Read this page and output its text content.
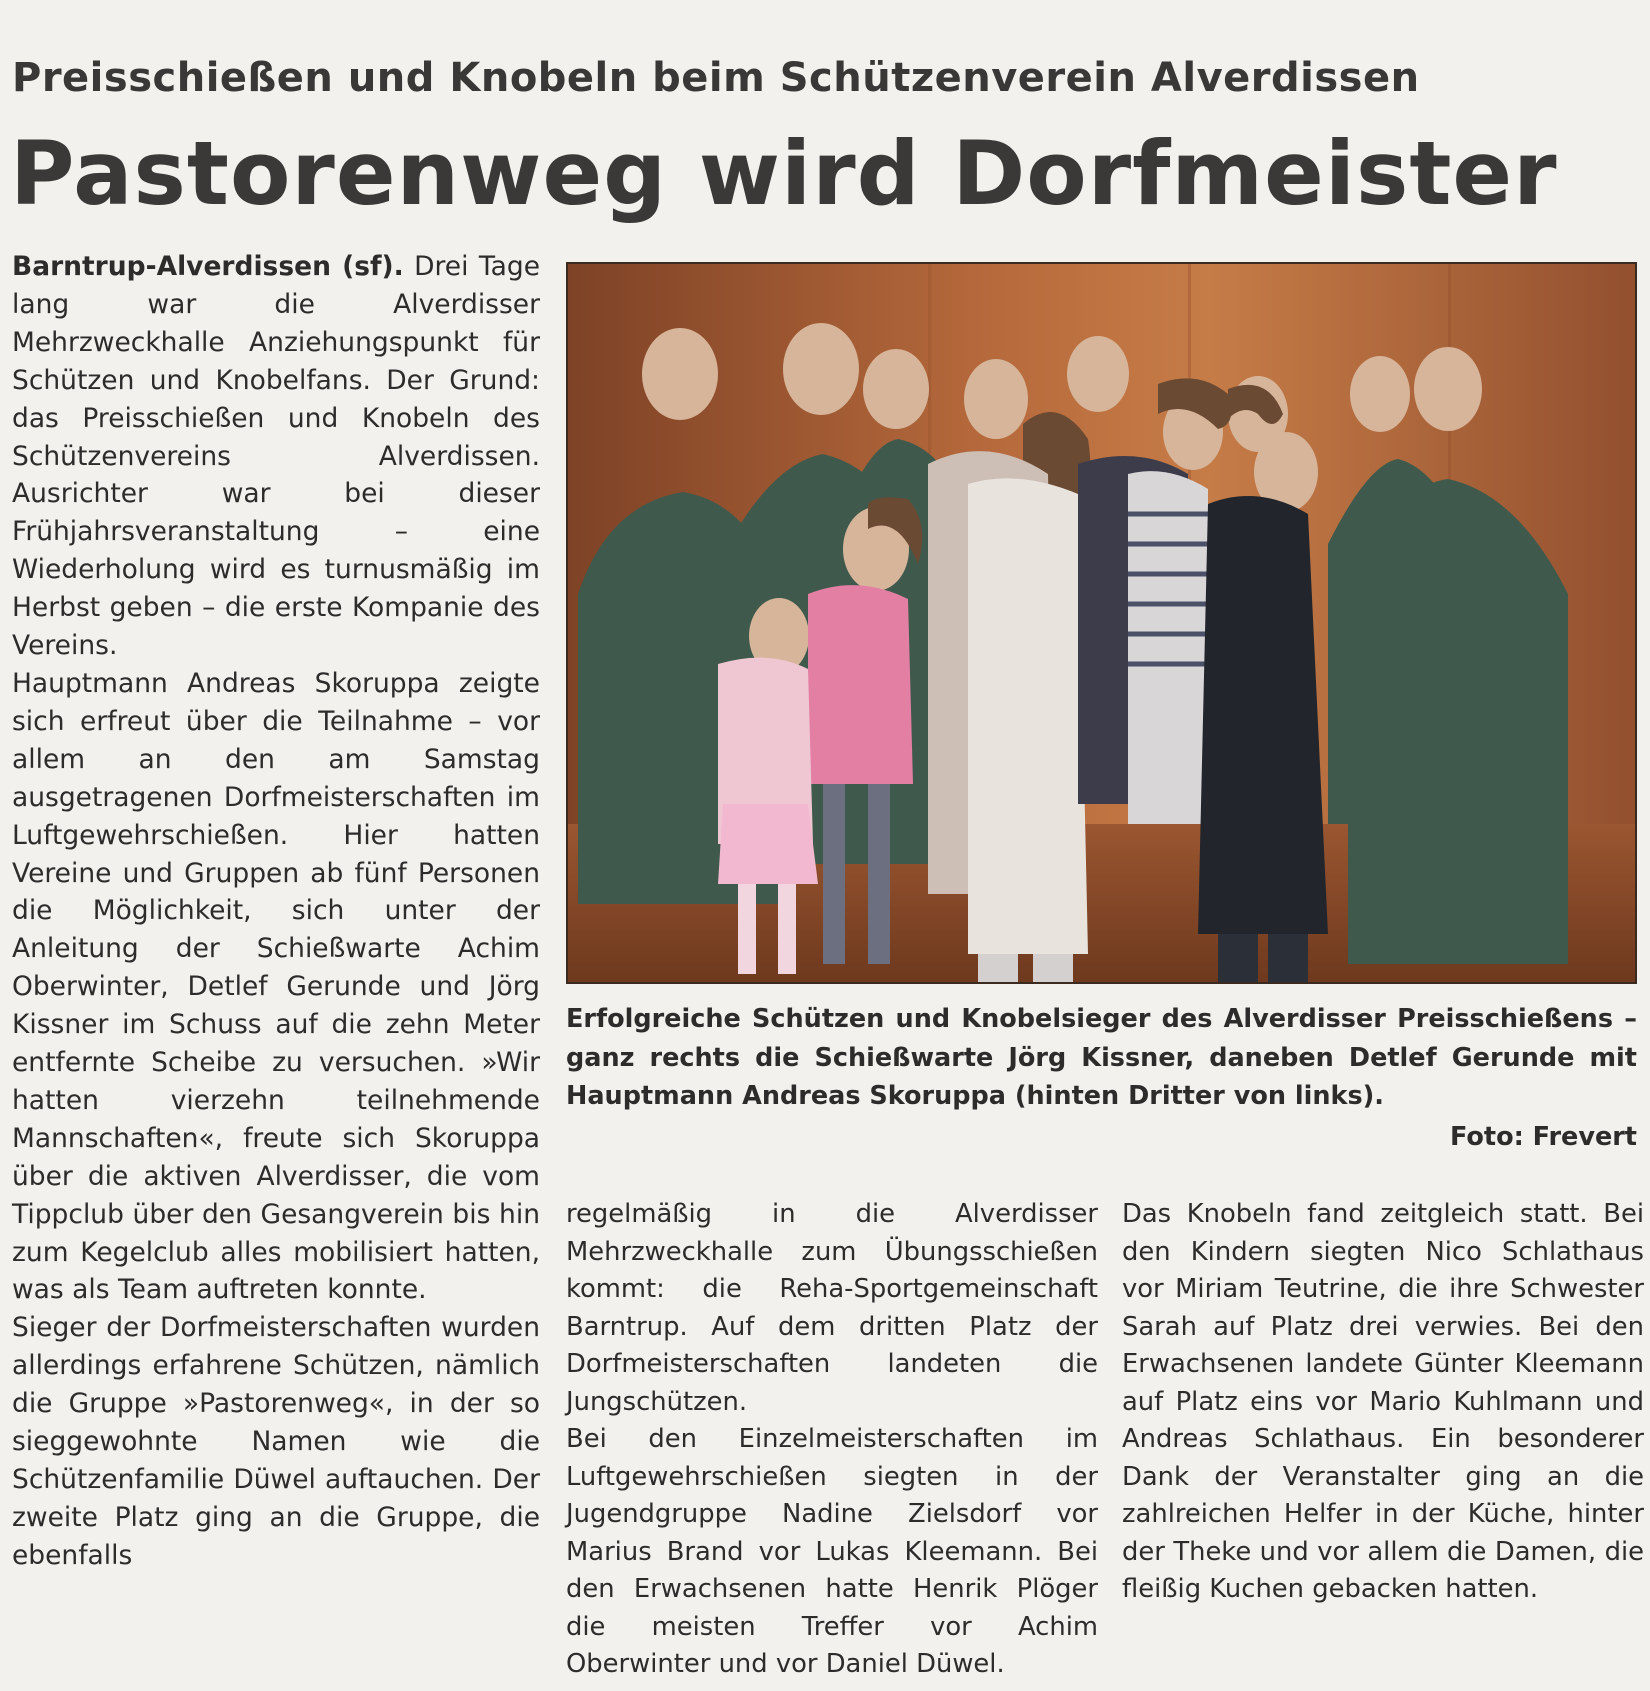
Preisschießen und Knobeln beim Schützenverein Alverdissen
Pastorenweg wird Dorfmeister

Barntrup-Alverdissen (sf). Drei Tage lang war die Alverdisser Mehrzweckhalle Anziehungspunkt für Schützen und Knobelfans. Der Grund: das Preisschießen und Knobeln des Schützenvereins Alverdissen. Ausrichter war bei dieser Frühjahrsveranstaltung – eine Wiederholung wird es turnusmäßig im Herbst geben – die erste Kompanie des Vereins.

Hauptmann Andreas Skoruppa zeigte sich erfreut über die Teilnahme – vor allem an den am Samstag ausgetragenen Dorfmeisterschaften im Luftgewehrschießen. Hier hatten Vereine und Gruppen ab fünf Personen die Möglichkeit, sich unter der Anleitung der Schießwarte Achim Oberwinter, Detlef Gerunde und Jörg Kissner im Schuss auf die zehn Meter entfernte Scheibe zu versuchen. »Wir hatten vierzehn teilnehmende Mannschaften«, freute sich Skoruppa über die aktiven Alverdisser, die vom Tippclub über den Gesangverein bis hin zum Kegelclub alles mobilisiert hatten, was als Team auftreten konnte.

Sieger der Dorfmeisterschaften wurden allerdings erfahrene Schützen, nämlich die Gruppe »Pastorenweg«, in der so sieggewohnte Namen wie die Schützenfamilie Düwel auftauchen. Der zweite Platz ging an die Gruppe, die ebenfalls

Erfolgreiche Schützen und Knobelsieger des Alverdisser Preisschießens – ganz rechts die Schießwarte Jörg Kissner, daneben Detlef Gerunde mit Hauptmann Andreas Skoruppa (hinten Dritter von links).
Foto: Frevert

regelmäßig in die Alverdisser Mehrzweckhalle zum Übungsschießen kommt: die Reha-Sportgemeinschaft Barntrup. Auf dem dritten Platz der Dorfmeisterschaften landeten die Jungschützen.

Bei den Einzelmeisterschaften im Luftgewehrschießen siegten in der Jugendgruppe Nadine Zielsdorf vor Marius Brand vor Lukas Kleemann. Bei den Erwachsenen hatte Henrik Plöger die meisten Treffer vor Achim Oberwinter und vor Daniel Düwel.

Das Knobeln fand zeitgleich statt. Bei den Kindern siegten Nico Schlathaus vor Miriam Teutrine, die ihre Schwester Sarah auf Platz drei verwies. Bei den Erwachsenen landete Günter Kleemann auf Platz eins vor Mario Kuhlmann und Andreas Schlathaus. Ein besonderer Dank der Veranstalter ging an die zahlreichen Helfer in der Küche, hinter der Theke und vor allem die Damen, die fleißig Kuchen gebacken hatten.
